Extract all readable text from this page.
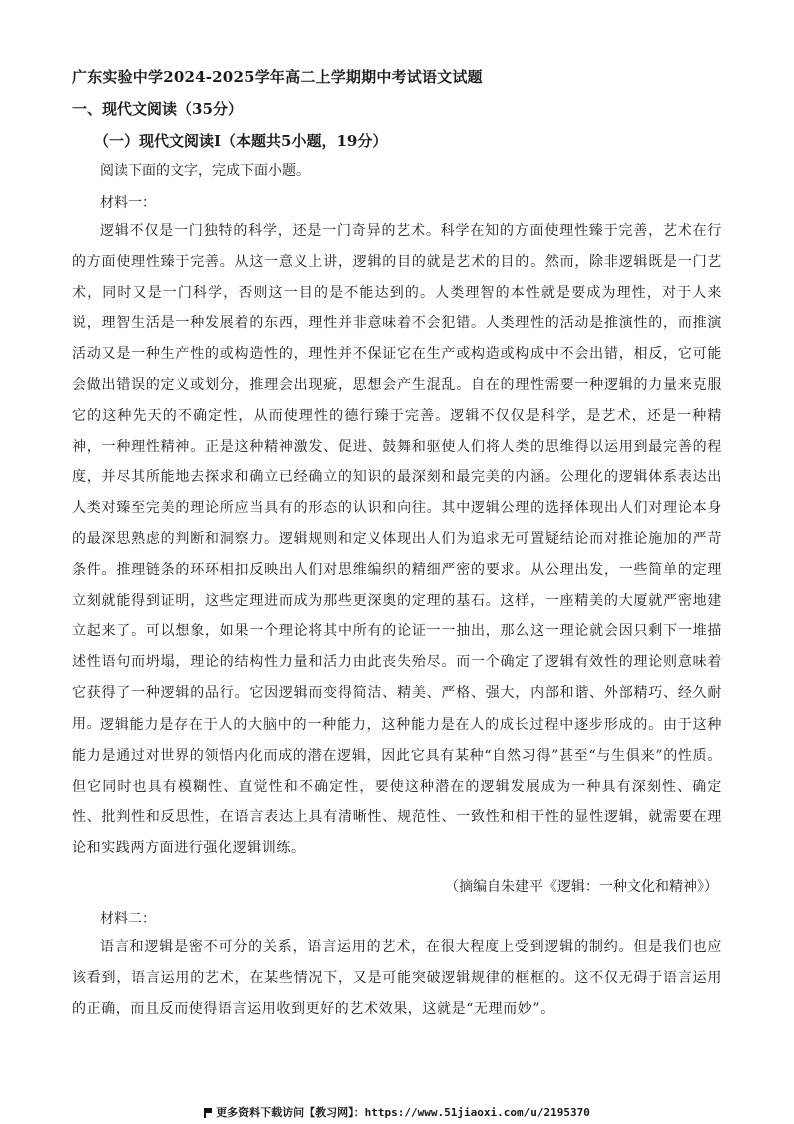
广东实验中学2024-2025学年高二上学期期中考试语文试题
一、现代文阅读（35分）
（一）现代文阅读Ⅰ（本题共5小题，19分）
阅读下面的文字，完成下面小题。
材料一：

逻辑不仅是一门独特的科学，还是一门奇异的艺术。科学在知的方面使理性臻于完善，艺术在行的方面使理性臻于完善。从这一意义上讲，逻辑的目的就是艺术的目的。然而，除非逻辑既是一门艺术，同时又是一门科学，否则这一目的是不能达到的。人类理智的本性就是要成为理性，对于人来说，理智生活是一种发展着的东西，理性并非意味着不会犯错。人类理性的活动是推演性的，而推演活动又是一种生产性的或构造性的，理性并不保证它在生产或构造或构成中不会出错，相反，它可能会做出错误的定义或划分，推理会出现疵，思想会产生混乱。自在的理性需要一种逻辑的力量来克服它的这种先天的不确定性，从而使理性的德行臻于完善。逻辑不仅仅是科学，是艺术，还是一种精神，一种理性精神。正是这种精神激发、促进、鼓舞和驱使人们将人类的思维得以运用到最完善的程度，并尽其所能地去探求和确立已经确立的知识的最深刻和最完美的内涵。公理化的逻辑体系表达出人类对臻至完美的理论所应当具有的形态的认识和向往。其中逻辑公理的选择体现出人们对理论本身的最深思熟虑的判断和洞察力。逻辑规则和定义体现出人们为追求无可置疑结论而对推论施加的严苛条件。推理链条的环环相扣反映出人们对思维编织的精细严密的要求。从公理出发，一些简单的定理立刻就能得到证明，这些定理进而成为那些更深奥的定理的基石。这样，一座精美的大厦就严密地建立起来了。可以想象，如果一个理论将其中所有的论证一一抽出，那么这一理论就会因只剩下一堆描述性语句而坍塌，理论的结构性力量和活力由此丧失殆尽。而一个确定了逻辑有效性的理论则意味着它获得了一种逻辑的品行。它因逻辑而变得简洁、精美、严格、强大，内部和谐、外部精巧、经久耐用。

逻辑能力是存在于人的大脑中的一种能力，这种能力是在人的成长过程中逐步形成的。由于这种能力是通过对世界的领悟内化而成的潜在逻辑，因此它具有某种“自然习得”甚至“与生俱来”的性质。但它同时也具有模糊性、直觉性和不确定性，要使这种潜在的逻辑发展成为一种具有深刻性、确定性、批判性和反思性，在语言表达上具有清晰性、规范性、一致性和相干性的显性逻辑，就需要在理论和实践两方面进行强化逻辑训练。

（摘编自朱建平《逻辑：一种文化和精神》）
材料二：

语言和逻辑是密不可分的关系，语言运用的艺术，在很大程度上受到逻辑的制约。但是我们也应该看到，语言运用的艺术，在某些情况下，又是可能突破逻辑规律的框框的。这不仅无碍于语言运用的正确，而且反而使得语言运用收到更好的艺术效果，这就是“无理而妙”。

更多资料下载访问【教习网】：https://www.51jiaoxi.com/u/2195370
